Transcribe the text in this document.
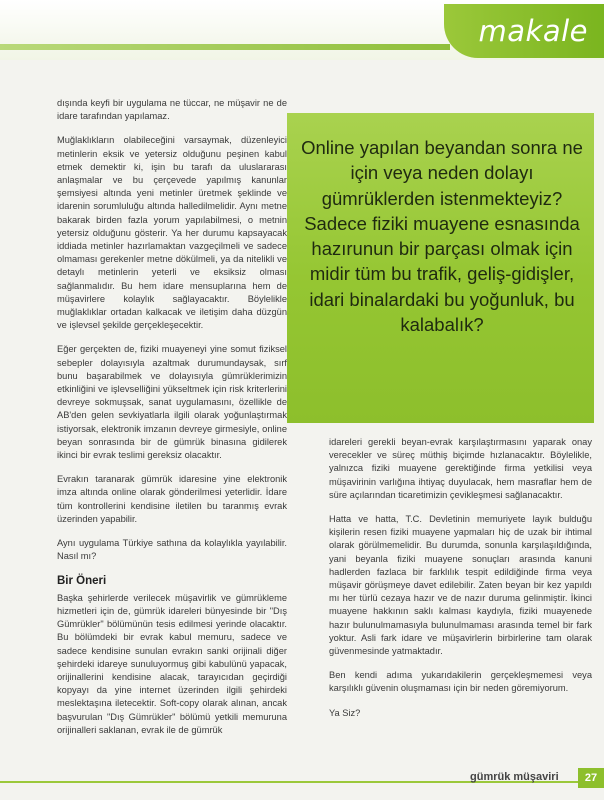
makale

dışında keyfi bir uygulama ne tüccar, ne müşavir ne de idare tarafından yapılamaz.

Muğlaklıkların olabileceğini varsaymak, düzenleyici metinlerin eksik ve yetersiz olduğunu peşinen kabul etmek demektir ki, işin bu tarafı da uluslararası anlaşmalar ve bu çerçevede yapılmış kanunlar şemsiyesi altında yeni metinler üretmek şeklinde ve idarenin sorumluluğu altında halledilmelidir. Aynı metne bakarak birden fazla yorum yapılabilmesi, o metnin yetersiz olduğunu gösterir. Ya her durumu kapsayacak iddiada metinler hazırlamaktan vazgeçilmeli ve sadece olmaması gerekenler metne dökülmeli, ya da nitelikli ve detaylı metinlerin yeterli ve eksiksiz olması sağlanmalıdır. Bu hem idare mensuplarına hem de müşavirlere kolaylık sağlayacaktır. Böylelikle muğlaklıklar ortadan kalkacak ve iletişim daha düzgün ve işlevsel şekilde gerçekleşecektir.

Eğer gerçekten de, fiziki muayeneyi yine somut fiziksel sebepler dolayısıyla azaltmak durumundaysak, sırf bunu başarabilmek ve dolayısıyla gümrüklerimizin etkinliğini ve işlevselliğini yükseltmek için risk kriterlerini devreye sokmuşsak, sanat uygulamasını, özellikle de AB'den gelen sevkiyatlarla ilgili olarak yoğunlaştırmak istiyorsak, elektronik imzanın devreye girmesiyle, online beyan sonrasında bir de gümrük binasına gidilerek ikinci bir evrak teslimi gereksiz olacaktır.

Evrakın taranarak gümrük idaresine yine elektronik imza altında online olarak gönderilmesi yeterlidir. İdare tüm kontrollerini kendisine iletilen bu taranmış evrak üzerinden yapabilir.

Aynı uygulama Türkiye sathına da kolaylıkla yayılabilir. Nasıl mı?

Bir Öneri

Başka şehirlerde verilecek müşavirlik ve gümrükleme hizmetleri için de, gümrük idareleri bünyesinde bir "Dış Gümrükler" bölümünün tesis edilmesi yerinde olacaktır. Bu bölümdeki bir evrak kabul memuru, sadece ve sadece kendisine sunulan evrakın sanki orijinali diğer şehirdeki idareye sunuluyormuş gibi kabulünü yapacak, orijinallerini kendisine alacak, tarayıcıdan geçirdiği kopyayı da yine internet üzerinden ilgili şehirdeki meslektaşına iletecektir. Soft-copy olarak alınan, ancak başvurulan "Dış Gümrükler" bölümü yetkili memuruna orijinalleri saklanan, evrak ile de gümrük

Online yapılan beyandan sonra ne için veya neden dolayı gümrüklerden istenmekteyiz? Sadece fiziki muayene esnasında hazırunun bir parçası olmak için midir tüm bu trafik, geliş-gidişler, idari binalardaki bu yoğunluk, bu kalabalık?

idareleri gerekli beyan-evrak karşılaştırmasını yaparak onay verecekler ve süreç müthiş biçimde hızlanacaktır. Böylelikle, yalnızca fiziki muayene gerektiğinde firma yetkilisi veya müşavirinin varlığına ihtiyaç duyulacak, hem masraflar hem de süre açılarından ticaretimizin çevikleşmesi sağlanacaktır.

Hatta ve hatta, T.C. Devletinin memuriyete layık bulduğu kişilerin resen fiziki muayene yapmaları hiç de uzak bir ihtimal olarak görülmemelidir. Bu durumda, sonunla karşılaşıldığında, yani beyanla fiziki muayene sonuçları arasında kanuni hadlerden fazlaca bir farklılık tespit edildiğinde firma veya müşavir görüşmeye davet edilebilir. Zaten beyan bir kez yapıldı mı her türlü cezaya hazır ve de nazır duruma gelinmiştir. İkinci muayene hakkının saklı kalması kaydıyla, fiziki muayenede hazır bulunulmamasıyla bulunulmaması arasında temel bir fark yoktur. Asli fark idare ve müşavirlerin birbirlerine tam olarak güvenmesinde yatmaktadır.

Ben kendi adıma yukarıdakilerin gerçekleşmemesi veya karşılıklı güvenin oluşmaması için bir neden göremiyorum.

Ya Siz?

gümrük müşaviri	27
